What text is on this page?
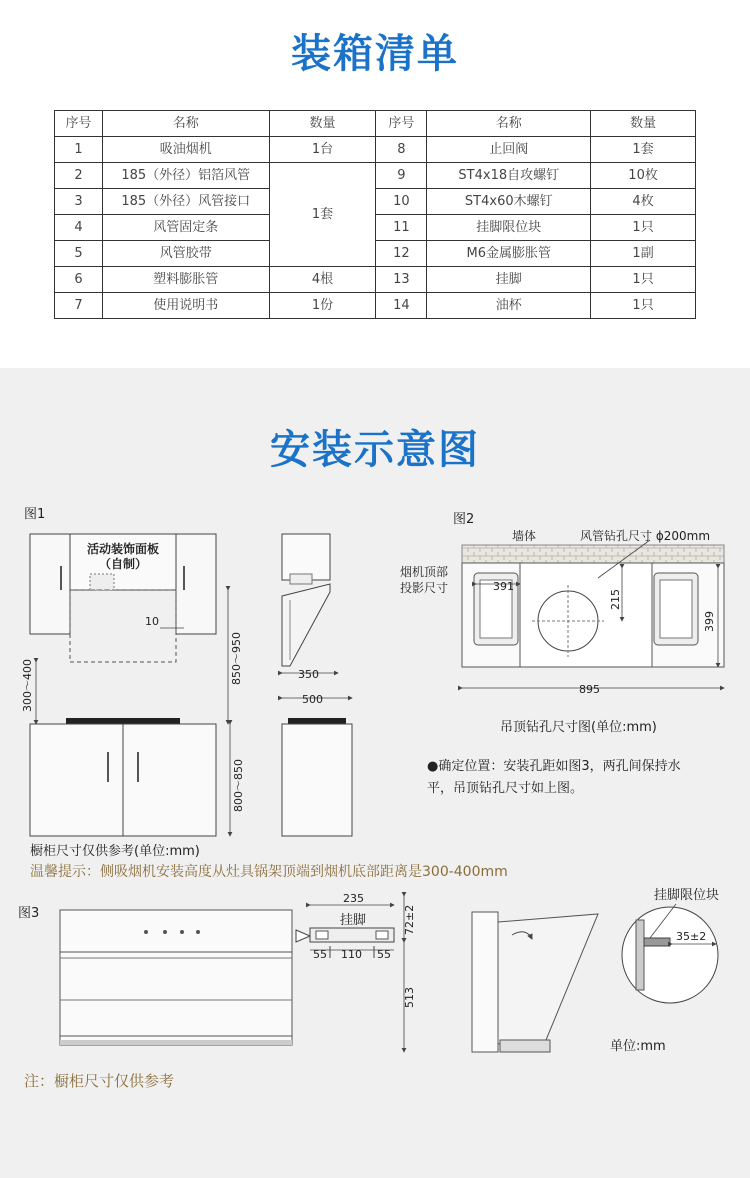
装箱清单
序号	名称	数量	序号	名称	数量
1	吸油烟机	1台	8	止回阀	1套
2	185（外径）铝箔风管	1套	9	ST4x18自攻螺钉	10枚
3	185（外径）风管接口		10	ST4x60木螺钉	4枚
4	风管固定条		11	挂脚限位块	1只
5	风管胶带		12	M6金属膨胀管	1副
6	塑料膨胀管	4根	13	挂脚	1只
7	使用说明书	1份	14	油杯	1只
安装示意图
图1
活动装饰面板
（自制）
10
300～400
850～950
800～850
350
500
橱柜尺寸仅供参考(单位:mm)
图2
墙体	风管钻孔尺寸 ϕ200mm
烟机顶部
投影尺寸	391
215
399
895
吊顶钻孔尺寸图(单位:mm)
●确定位置：安装孔距如图3，两孔间保持水
平，吊顶钻孔尺寸如上图。
温馨提示：侧吸烟机安装高度从灶具锅架顶端到烟机底部距离是300-400mm
图3
235
挂脚
55 110 55
72±2
513
35±2
挂脚限位块
单位:mm
注：橱柜尺寸仅供参考
